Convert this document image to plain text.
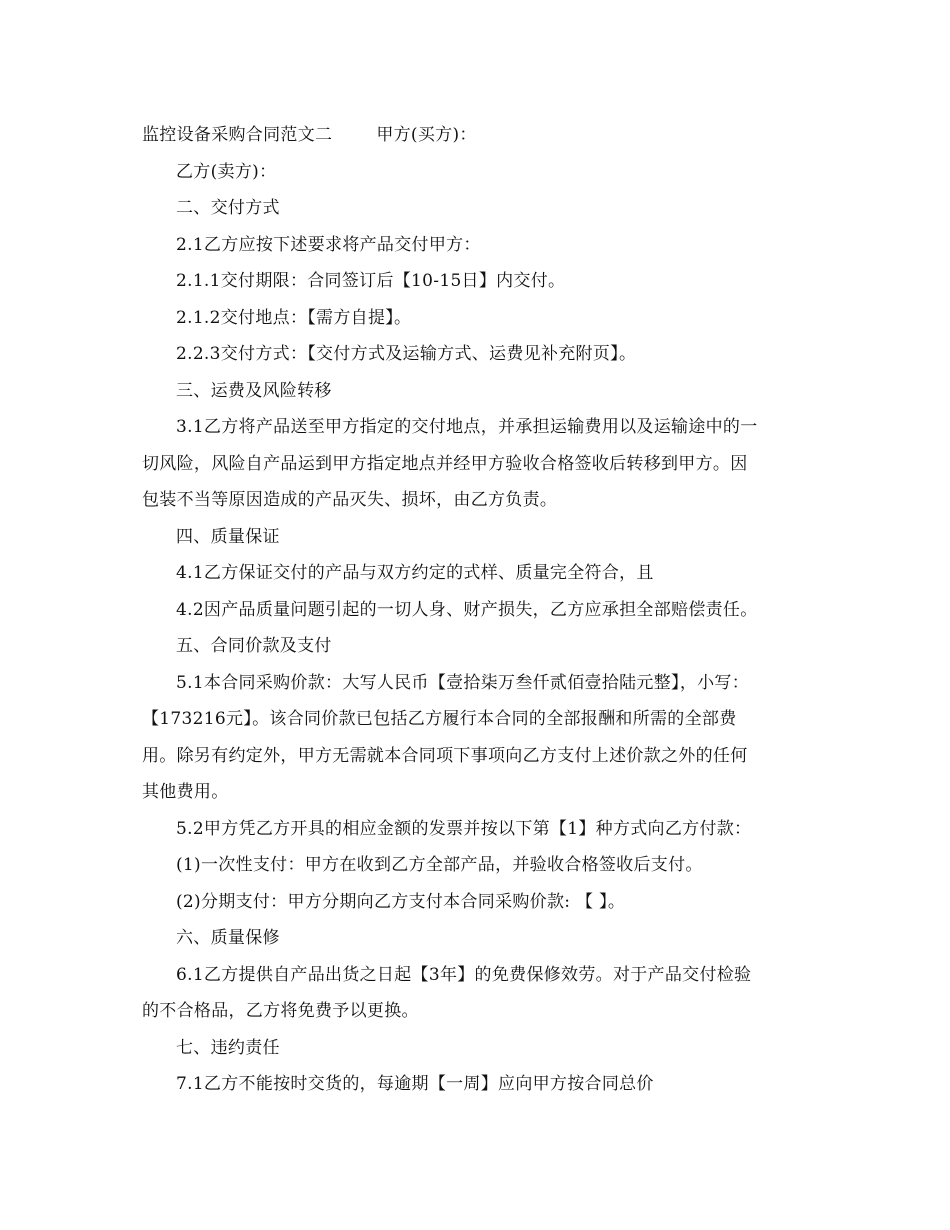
监控设备采购合同范文二	甲方(买方)：
乙方(卖方)：
二、交付方式
2.1乙方应按下述要求将产品交付甲方：
2.1.1交付期限：合同签订后【10-15日】内交付。
2.1.2交付地点：【需方自提】。
2.2.3交付方式：【交付方式及运输方式、运费见补充附页】。
三、运费及风险转移
3.1乙方将产品送至甲方指定的交付地点，并承担运输费用以及运输途中的一
切风险，风险自产品运到甲方指定地点并经甲方验收合格签收后转移到甲方。因
包装不当等原因造成的产品灭失、损坏，由乙方负责。
四、质量保证
4.1乙方保证交付的产品与双方约定的式样、质量完全符合，且
4.2因产品质量问题引起的一切人身、财产损失，乙方应承担全部赔偿责任。
五、合同价款及支付
5.1本合同采购价款：大写人民币【壹拾柒万叁仟贰佰壹拾陆元整】，小写：
【173216元】。该合同价款已包括乙方履行本合同的全部报酬和所需的全部费
用。除另有约定外，甲方无需就本合同项下事项向乙方支付上述价款之外的任何
其他费用。
5.2甲方凭乙方开具的相应金额的发票并按以下第【1】种方式向乙方付款：
(1)一次性支付：甲方在收到乙方全部产品，并验收合格签收后支付。
(2)分期支付：甲方分期向乙方支付本合同采购价款: 【 】。
六、质量保修
6.1乙方提供自产品出货之日起【3年】的免费保修效劳。对于产品交付检验
的不合格品，乙方将免费予以更换。
七、违约责任
7.1乙方不能按时交货的，每逾期【一周】应向甲方按合同总价
